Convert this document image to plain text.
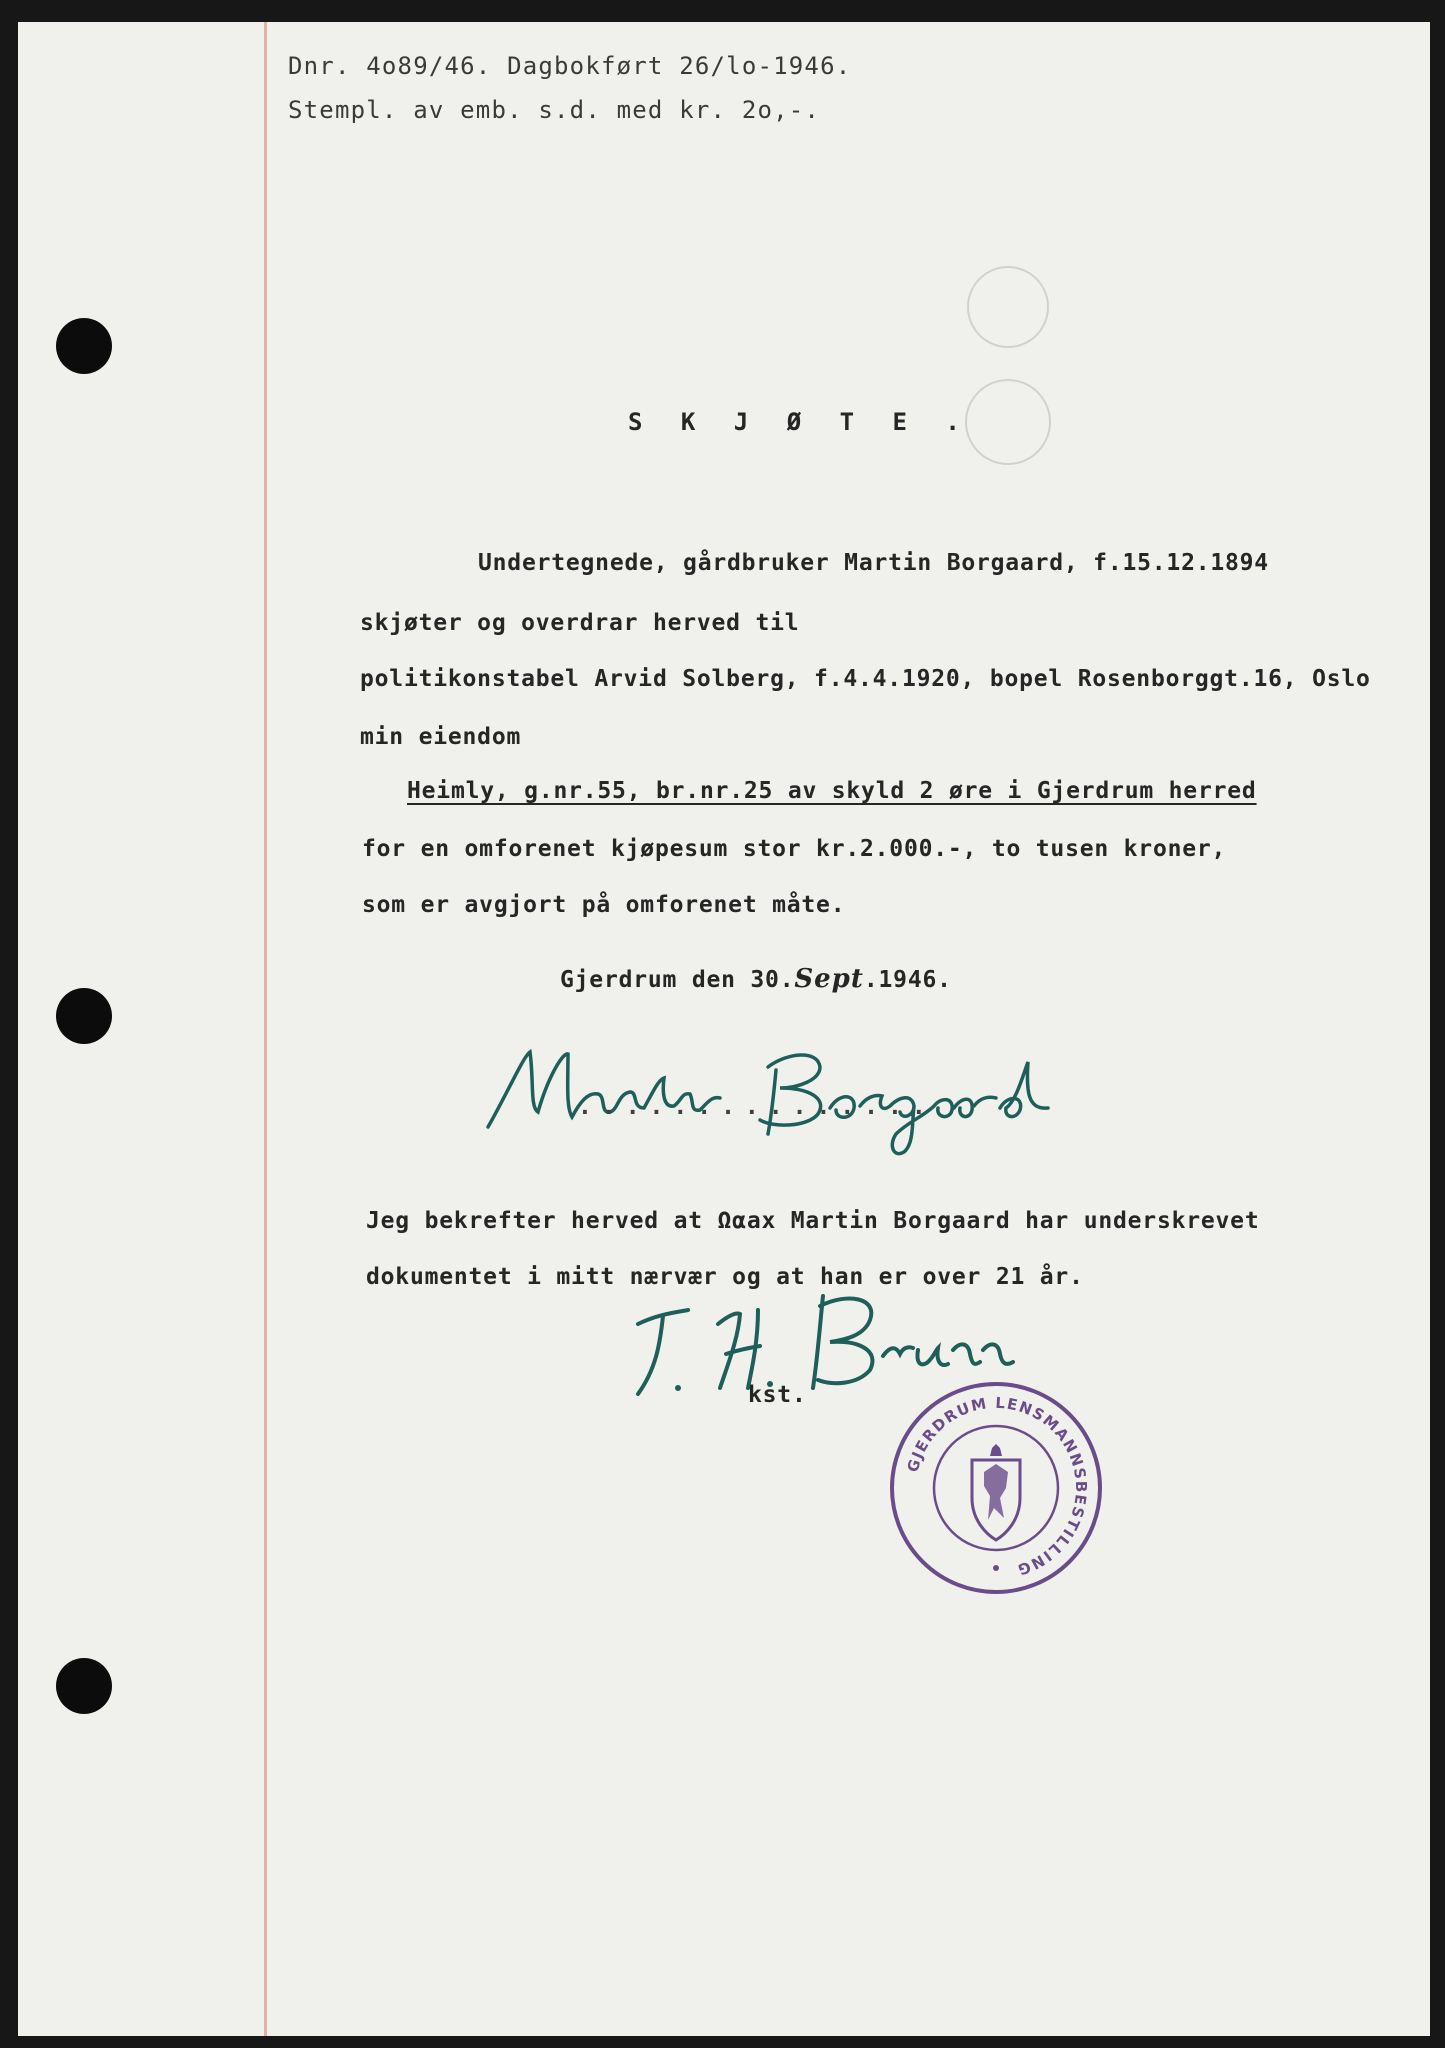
Dnr. 4o89/46. Dagbokført 26/lo-1946.
Stempl. av emb. s.d. med kr. 2o,-.
S K J Ø T E .
Undertegnede, gårdbruker Martin Borgaard, f.15.12.1894
skjøter og overdrar herved til
politikonstabel Arvid Solberg, f.4.4.1920, bopel Rosenborggt.16, Oslo
min eiendom
Heimly, g.nr.55, br.nr.25 av skyld 2 øre i Gjerdrum herred
for en omforenet kjøpesum stor kr.2.000.-, to tusen kroner,
som er avgjort på omforenet måte.
Gjerdrum den 30.Sept.1946.
...............
Jeg bekrefter herved at Ωαax Martin Borgaard har underskrevet
dokumentet i mitt nærvær og at han er over 21 år.
kst.
GJERDRUM LENSMANNSBESTILLING
